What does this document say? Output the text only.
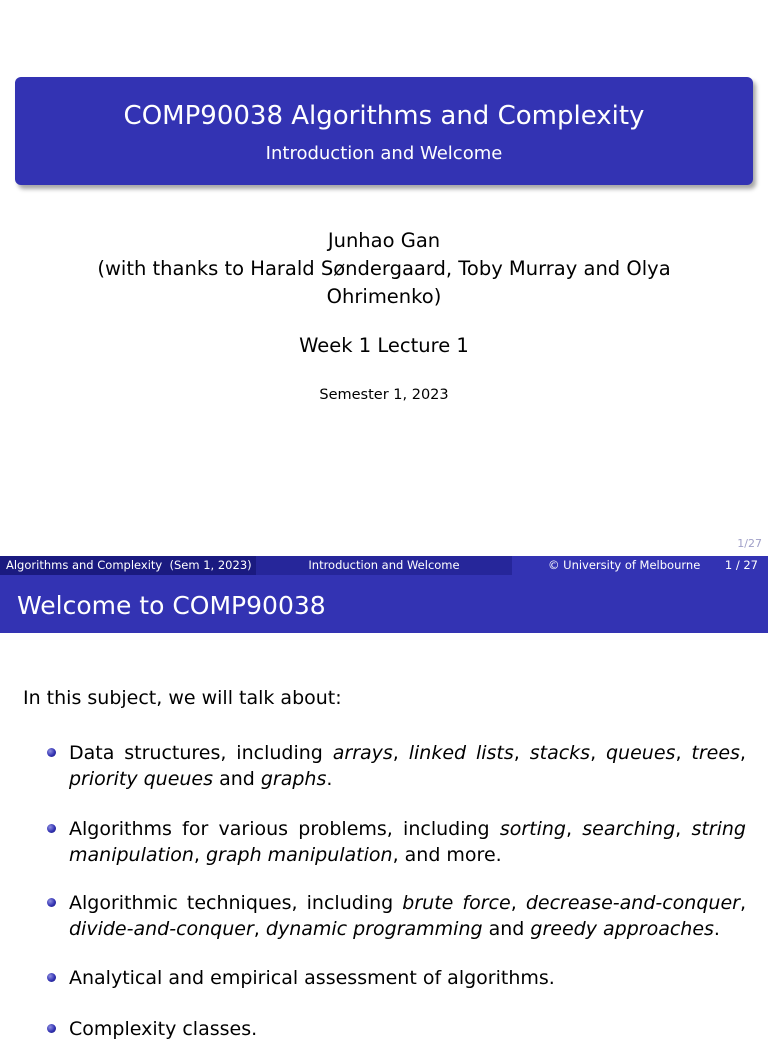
COMP90038 Algorithms and Complexity
Introduction and Welcome
Junhao Gan
(with thanks to Harald Søndergaard, Toby Murray and Olya Ohrimenko)
Week 1 Lecture 1
Semester 1, 2023
1/27
Algorithms and Complexity  (Sem 1, 2023)	Introduction and Welcome	© University of Melbourne 1 / 27
Welcome to COMP90038
In this subject, we will talk about:
Data structures, including arrays, linked lists, stacks, queues, trees, priority queues and graphs.
Algorithms for various problems, including sorting, searching, string manipulation, graph manipulation, and more.
Algorithmic techniques, including brute force, decrease-and-conquer, divide-and-conquer, dynamic programming and greedy approaches.
Analytical and empirical assessment of algorithms.
Complexity classes.
